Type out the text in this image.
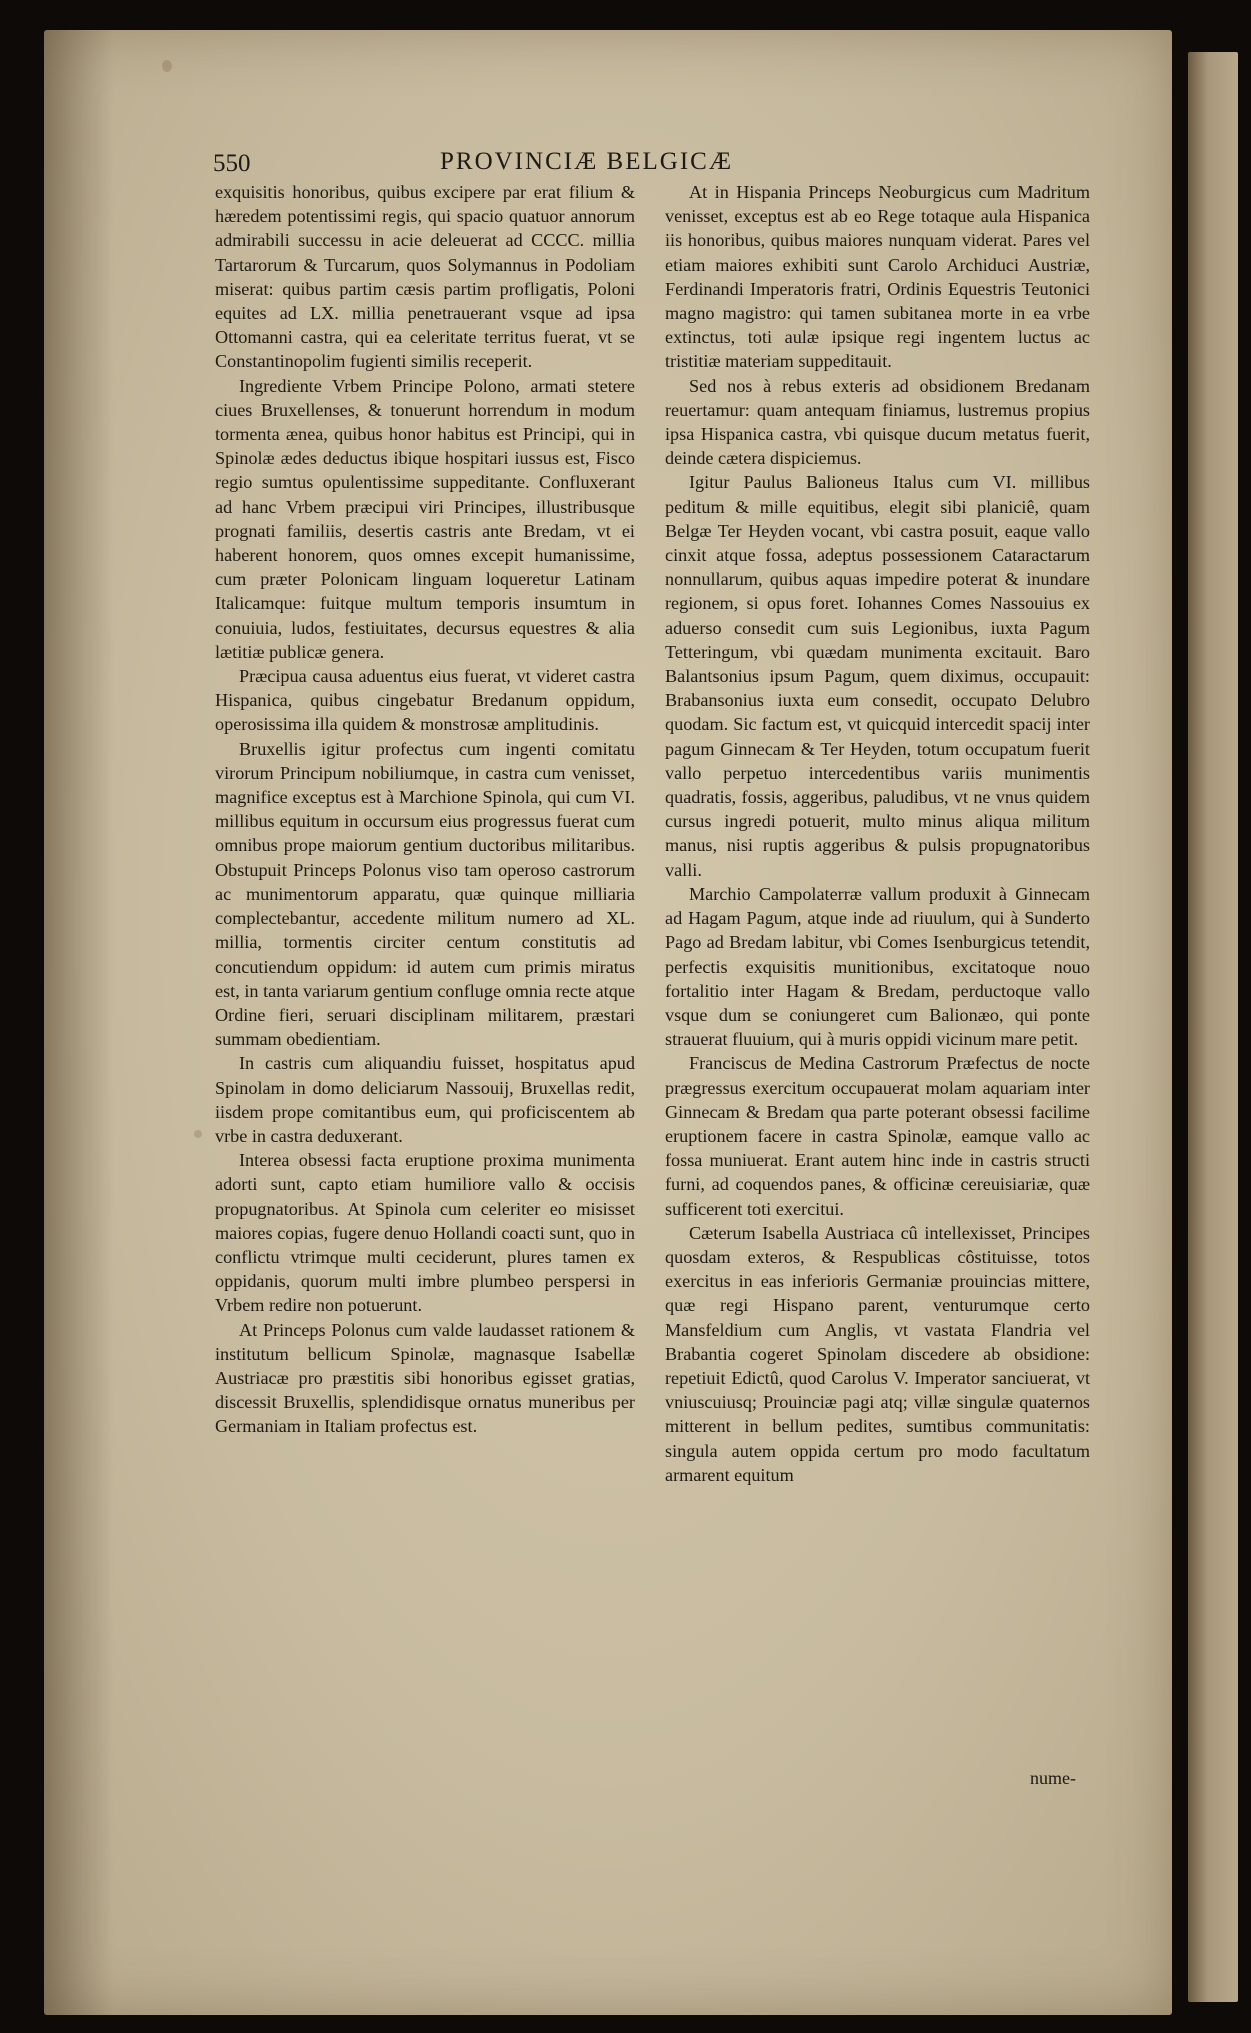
550	PROVINCIÆ BELGICÆ

exquisitis honoribus, quibus excipere par erat filium & hæredem potentissimi regis, qui spacio quatuor annorum admirabili successu in acie deleuerat ad CCCC. millia Tartarorum & Turcarum, quos Solymannus in Podoliam miserat: quibus partim cæsis partim profligatis, Poloni equites ad LX. millia penetrauerant vsque ad ipsa Ottomanni castra, qui ea celeritate territus fuerat, vt se Constantinopolim fugienti similis receperit.

Ingrediente Vrbem Principe Polono, armati stetere ciues Bruxellenses, & tonuerunt horrendum in modum tormenta ænea, quibus honor habitus est Principi, qui in Spinolæ ædes deductus ibique hospitari iussus est, Fisco regio sumtus opulentissime suppeditante. Confluxerant ad hanc Vrbem præcipui viri Principes, illustribusque prognati familiis, desertis castris ante Bredam, vt ei haberent honorem, quos omnes excepit humanissime, cum præter Polonicam linguam loqueretur Latinam Italicamque: fuitque multum temporis insumtum in conuiuia, ludos, festiuitates, decursus equestres & alia lætitiæ publicæ genera.

Præcipua causa aduentus eius fuerat, vt videret castra Hispanica, quibus cingebatur Bredanum oppidum, operosissima illa quidem & monstrosæ amplitudinis.

Bruxellis igitur profectus cum ingenti comitatu virorum Principum nobiliumque, in castra cum venisset, magnifice exceptus est à Marchione Spinola, qui cum VI. millibus equitum in occursum eius progressus fuerat cum omnibus prope maiorum gentium ductoribus militaribus. Obstupuit Princeps Polonus viso tam operoso castrorum ac munimentorum apparatu, quæ quinque milliaria complectebantur, accedente militum numero ad XL. millia, tormentis circiter centum constitutis ad concutiendum oppidum: id autem cum primis miratus est, in tanta variarum gentium confluge omnia recte atque Ordine fieri, seruari disciplinam militarem, præstari summam obedientiam.

In castris cum aliquandiu fuisset, hospitatus apud Spinolam in domo deliciarum Nassouij, Bruxellas redit, iisdem prope comitantibus eum, qui proficiscentem ab vrbe in castra deduxerant.

Interea obsessi facta eruptione proxima munimenta adorti sunt, capto etiam humiliore vallo & occisis propugnatoribus. At Spinola cum celeriter eo misisset maiores copias, fugere denuo Hollandi coacti sunt, quo in conflictu vtrimque multi ceciderunt, plures tamen ex oppidanis, quorum multi imbre plumbeo perspersi in Vrbem redire non potuerunt.

At Princeps Polonus cum valde laudasset rationem & institutum bellicum Spinolæ, magnasque Isabellæ Austriacæ pro præstitis sibi honoribus egisset gratias, discessit Bruxellis, splendidisque ornatus muneribus per Germaniam in Italiam profectus est.

At in Hispania Princeps Neoburgicus cum Madritum venisset, exceptus est ab eo Rege totaque aula Hispanica iis honoribus, quibus maiores nunquam viderat. Pares vel etiam maiores exhibiti sunt Carolo Archiduci Austriæ, Ferdinandi Imperatoris fratri, Ordinis Equestris Teutonici magno magistro: qui tamen subitanea morte in ea vrbe extinctus, toti aulæ ipsique regi ingentem luctus ac tristitiæ materiam suppeditauit.

Sed nos à rebus exteris ad obsidionem Bredanam reuertamur: quam antequam finiamus, lustremus propius ipsa Hispanica castra, vbi quisque ducum metatus fuerit, deinde cætera dispiciemus.

Igitur Paulus Balioneus Italus cum VI. millibus peditum & mille equitibus, elegit sibi planiciê, quam Belgæ Ter Heyden vocant, vbi castra posuit, eaque vallo cinxit atque fossa, adeptus possessionem Cataractarum nonnullarum, quibus aquas impedire poterat & inundare regionem, si opus foret. Iohannes Comes Nassouius ex aduerso consedit cum suis Legionibus, iuxta Pagum Tetteringum, vbi quædam munimenta excitauit. Baro Balantsonius ipsum Pagum, quem diximus, occupauit: Brabansonius iuxta eum consedit, occupato Delubro quodam. Sic factum est, vt quicquid intercedit spacij inter pagum Ginnecam & Ter Heyden, totum occupatum fuerit vallo perpetuo intercedentibus variis munimentis quadratis, fossis, aggeribus, paludibus, vt ne vnus quidem cursus ingredi potuerit, multo minus aliqua militum manus, nisi ruptis aggeribus & pulsis propugnatoribus valli.

Marchio Campolaterræ vallum produxit à Ginnecam ad Hagam Pagum, atque inde ad riuulum, qui à Sunderto Pago ad Bredam labitur, vbi Comes Isenburgicus tetendit, perfectis exquisitis munitionibus, excitatoque nouo fortalitio inter Hagam & Bredam, perductoque vallo vsque dum se coniungeret cum Balionæo, qui ponte strauerat fluuium, qui à muris oppidi vicinum mare petit.

Franciscus de Medina Castrorum Præfectus de nocte prægressus exercitum occupauerat molam aquariam inter Ginnecam & Bredam qua parte poterant obsessi facilime eruptionem facere in castra Spinolæ, eamque vallo ac fossa muniuerat. Erant autem hinc inde in castris structi furni, ad coquendos panes, & officinæ cereuisiariæ, quæ sufficerent toti exercitui.

Cæterum Isabella Austriaca cû intellexisset, Principes quosdam exteros, & Respublicas côstituisse, totos exercitus in eas inferioris Germaniæ prouincias mittere, quæ regi Hispano parent, venturumque certo Mansfeldium cum Anglis, vt vastata Flandria vel Brabantia cogeret Spinolam discedere ab obsidione: repetiuit Edictû, quod Carolus V. Imperator sanciuerat, vt vniuscuiusq; Prouinciæ pagi atq; villæ singulæ quaternos mitterent in bellum pedites, sumtibus communitatis: singula autem oppida certum pro modo facultatum armarent equitum

nume-
